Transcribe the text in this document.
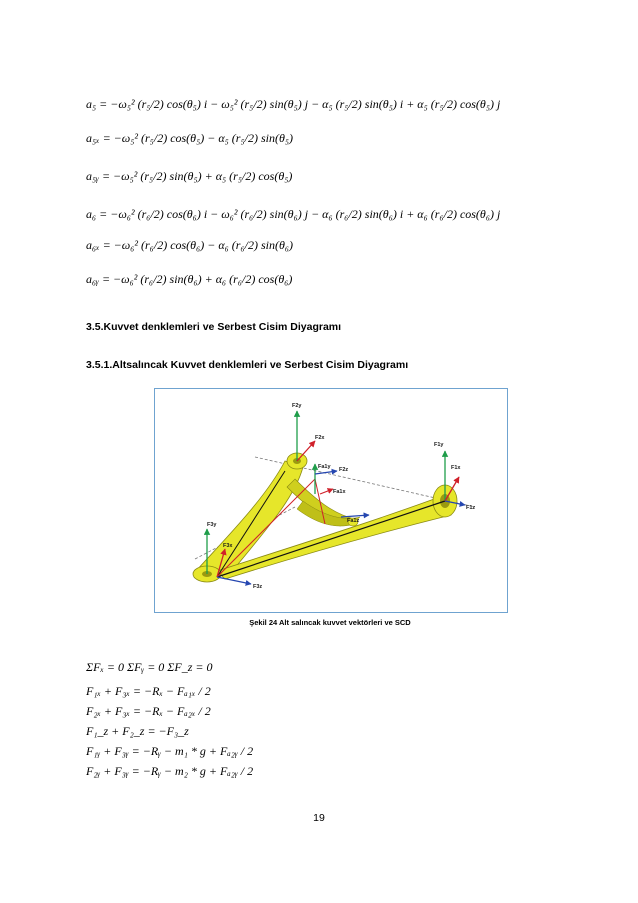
a₅ = −ω₅² (r₅/2) cos(θ₅) i − ω₅² (r₅/2) sin(θ₅) j − α₅ (r₅/2) sin(θ₅) i + α₅ (r₅/2) cos(θ₅) j
a₅ₓ = −ω₅² (r₅/2) cos(θ₅) − α₅ (r₅/2) sin(θ₅)
a₅ᵧ = −ω₅² (r₅/2) sin(θ₅) + α₅ (r₅/2) cos(θ₅)
a₆ = −ω₆² (r₆/2) cos(θ₆) i − ω₆² (r₆/2) sin(θ₆) j − α₆ (r₆/2) sin(θ₆) i + α₆ (r₆/2) cos(θ₆) j
a₆ₓ = −ω₆² (r₆/2) cos(θ₆) − α₆ (r₆/2) sin(θ₆)
a₆ᵧ = −ω₆² (r₆/2) sin(θ₆) + α₆ (r₆/2) cos(θ₆)
3.5.Kuvvet denklemleri ve Serbest Cisim Diyagramı
3.5.1.Altsalıncak Kuvvet denklemleri ve Serbest Cisim Diyagramı
F2y
F2x
Fa1y F2z
Fa1x
Fa1z
F1y
F1x
F1z
F3y
F3x
F3z
Şekil 24 Alt salıncak kuvvet vektörleri ve SCD
ΣFₓ = 0 ΣFᵧ = 0 ΣF_z = 0
F₁ₓ + F₃ₓ = −Rₓ − Fₐ₁ₓ / 2
F₂ₓ + F₃ₓ = −Rₓ − Fₐ₂ₓ / 2
F₁_z + F₂_z = −F₃_z
F₁ᵧ + F₃ᵧ = −Rᵧ − m₁ * g + Fₐ₂ᵧ / 2
F₂ᵧ + F₃ᵧ = −Rᵧ − m₂ * g + Fₐ₂ᵧ / 2
19
